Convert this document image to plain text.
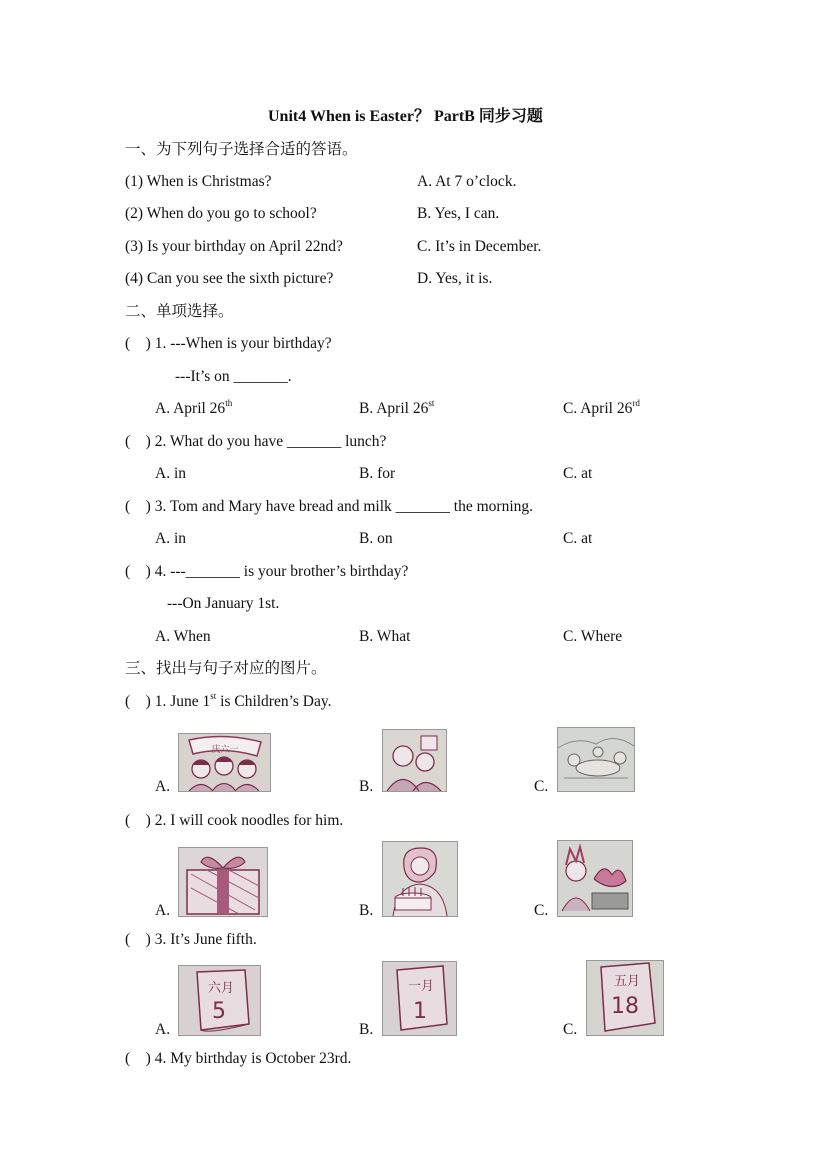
Unit4 When is Easter？ PartB 同步习题
一、为下列句子选择合适的答语。
(1) When is Christmas?	A. At 7 o’clock.
(2) When do you go to school?	B. Yes, I can.
(3) Is your birthday on April 22nd?	C. It’s in December.
(4) Can you see the sixth picture?	D. Yes, it is.
二、单项选择。
(　) 1. ---When is your birthday?
---It’s on _______.
A. April 26th	B. April 26st	C. April 26rd
(　) 2. What do you have _______ lunch?
A. in	B. for	C. at
(　) 3. Tom and Mary have bread and milk _______ the morning.
A. in	B. on	C. at
(　) 4. ---_______ is your brother’s birthday?
---On January 1st.
A. When	B. What	C. Where
三、找出与句子对应的图片。
(　) 1. June 1st is Children’s Day.
A.
庆六一
B.	C.
(　) 2. I will cook noodles for him.
A.	B.	C.
(　) 3. It’s June fifth.
A.
六月
5
B.
一月
1
C.
五月
18
(　) 4. My birthday is October 23rd.
